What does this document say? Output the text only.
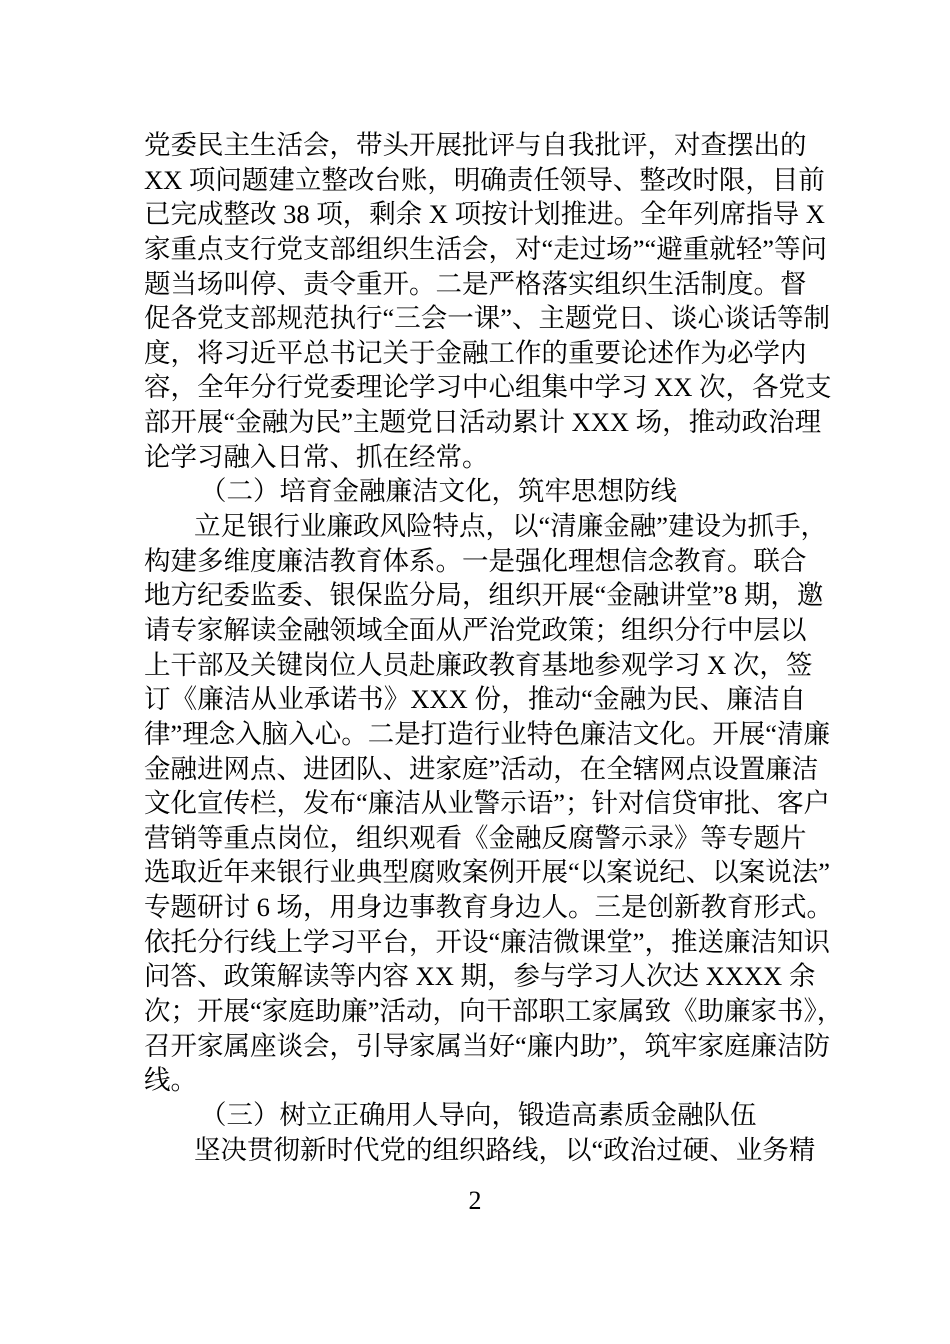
党委民主生活会，带头开展批评与自我批评，对查摆出的
XX 项问题建立整改台账，明确责任领导、整改时限，目前
已完成整改 38 项，剩余 X 项按计划推进。全年列席指导 X
家重点支行党支部组织生活会，对“走过场”“避重就轻”等问
题当场叫停、责令重开。二是严格落实组织生活制度。督
促各党支部规范执行“三会一课”、主题党日、谈心谈话等制
度，将习近平总书记关于金融工作的重要论述作为必学内
容，全年分行党委理论学习中心组集中学习 XX 次，各党支
部开展“金融为民”主题党日活动累计 XXX 场，推动政治理
论学习融入日常、抓在经常。
（二）培育金融廉洁文化，筑牢思想防线
立足银行业廉政风险特点，以“清廉金融”建设为抓手，
构建多维度廉洁教育体系。一是强化理想信念教育。联合
地方纪委监委、银保监分局，组织开展“金融讲堂”8 期，邀
请专家解读金融领域全面从严治党政策；组织分行中层以
上干部及关键岗位人员赴廉政教育基地参观学习 X 次，签
订《廉洁从业承诺书》XXX 份，推动“金融为民、廉洁自
律”理念入脑入心。二是打造行业特色廉洁文化。开展“清廉
金融进网点、进团队、进家庭”活动，在全辖网点设置廉洁
文化宣传栏，发布“廉洁从业警示语”；针对信贷审批、客户
营销等重点岗位，组织观看《金融反腐警示录》等专题片
选取近年来银行业典型腐败案例开展“以案说纪、以案说法”
专题研讨 6 场，用身边事教育身边人。三是创新教育形式。
依托分行线上学习平台，开设“廉洁微课堂”，推送廉洁知识
问答、政策解读等内容 XX 期，参与学习人次达 XXXX 余
次；开展“家庭助廉”活动，向干部职工家属致《助廉家书》，
召开家属座谈会，引导家属当好“廉内助”，筑牢家庭廉洁防
线。
（三）树立正确用人导向，锻造高素质金融队伍
坚决贯彻新时代党的组织路线，以“政治过硬、业务精
2
